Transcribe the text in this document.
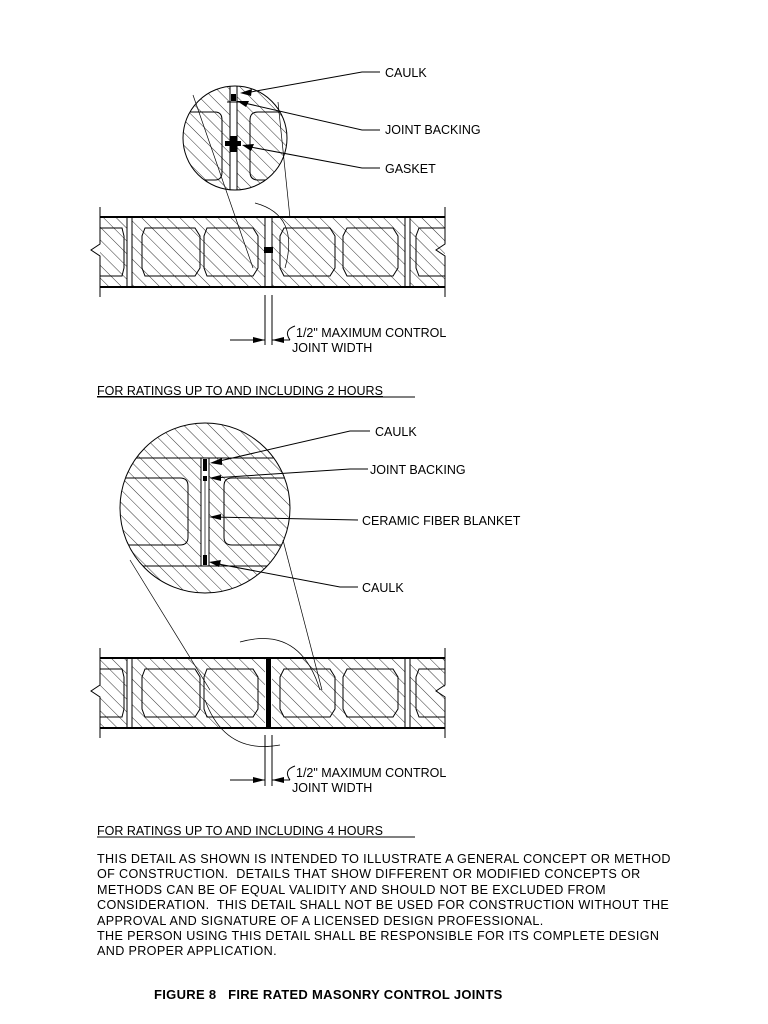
CAULK
JOINT BACKING
GASKET
1/2" MAXIMUM CONTROL
JOINT WIDTH
FOR RATINGS UP TO AND INCLUDING 2 HOURS
CAULK
JOINT BACKING
CERAMIC FIBER BLANKET
CAULK
1/2" MAXIMUM CONTROL
JOINT WIDTH
FOR RATINGS UP TO AND INCLUDING 4 HOURS
THIS DETAIL AS SHOWN IS INTENDED TO ILLUSTRATE A GENERAL CONCEPT OR METHOD
OF CONSTRUCTION.  DETAILS THAT SHOW DIFFERENT OR MODIFIED CONCEPTS OR
METHODS CAN BE OF EQUAL VALIDITY AND SHOULD NOT BE EXCLUDED FROM
CONSIDERATION.  THIS DETAIL SHALL NOT BE USED FOR CONSTRUCTION WITHOUT THE
APPROVAL AND SIGNATURE OF A LICENSED DESIGN PROFESSIONAL.
THE PERSON USING THIS DETAIL SHALL BE RESPONSIBLE FOR ITS COMPLETE DESIGN
AND PROPER APPLICATION.
FIGURE 8   FIRE RATED MASONRY CONTROL JOINTS
